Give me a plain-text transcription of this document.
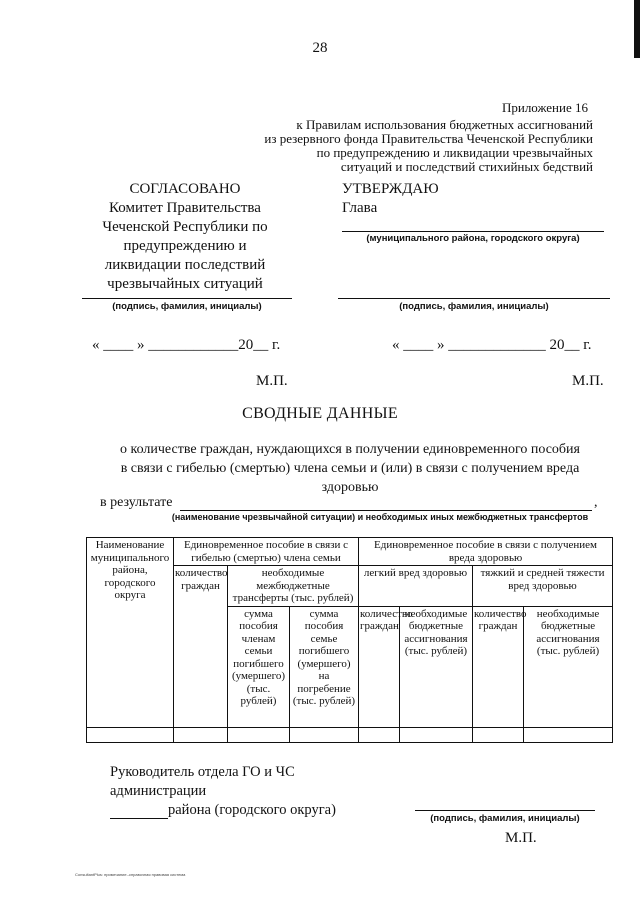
28
Приложение 16
к Правилам использования бюджетных ассигнований
из резервного фонда Правительства Чеченской Республики
по предупреждению и ликвидации чрезвычайных
ситуаций и последствий стихийных бедствий
СОГЛАСОВАНО
Комитет Правительства
Чеченской Республики по
предупреждению и
ликвидации последствий
чрезвычайных ситуаций
УТВЕРЖДАЮ
Глава
(муниципального района, городского округа)
(подпись, фамилия, инициалы)	(подпись, фамилия, инициалы)
« ____ » ____________20__ г.	« ____ » _____________ 20__ г.
М.П.	М.П.
СВОДНЫЕ ДАННЫЕ
о количестве граждан, нуждающихся в получении единовременного пособия
в связи с гибелью (смертью) члена семьи и (или) в связи с получением вреда
здоровью
в результате	,
(наименование чрезвычайной ситуации) и необходимых иных межбюджетных трансфертов
Наименование муниципального района, городского округа	Единовременное пособие в связи с гибелью (смертью) члена семьи			Единовременное пособие в связи с получением вреда здоровью			
	количество граждан	необходимые межбюджетные трансферты (тыс. рублей)		легкий вред здоровью		тяжкий и средней тяжести вред здоровью	
		сумма пособия членам семьи погибшего (умершего) (тыс. рублей)	сумма пособия семье погибшего (умершего) на погребение (тыс. рублей)	количество граждан	необходимые бюджетные ассигнования (тыс. рублей)	количество граждан	необходимые бюджетные ассигнования (тыс. рублей)

Руководитель отдела ГО и ЧС
администрации
района (городского округа)
(подпись, фамилия, инициалы)
М.П.
ConsultantPlus: примечание.-справочная правовая система
